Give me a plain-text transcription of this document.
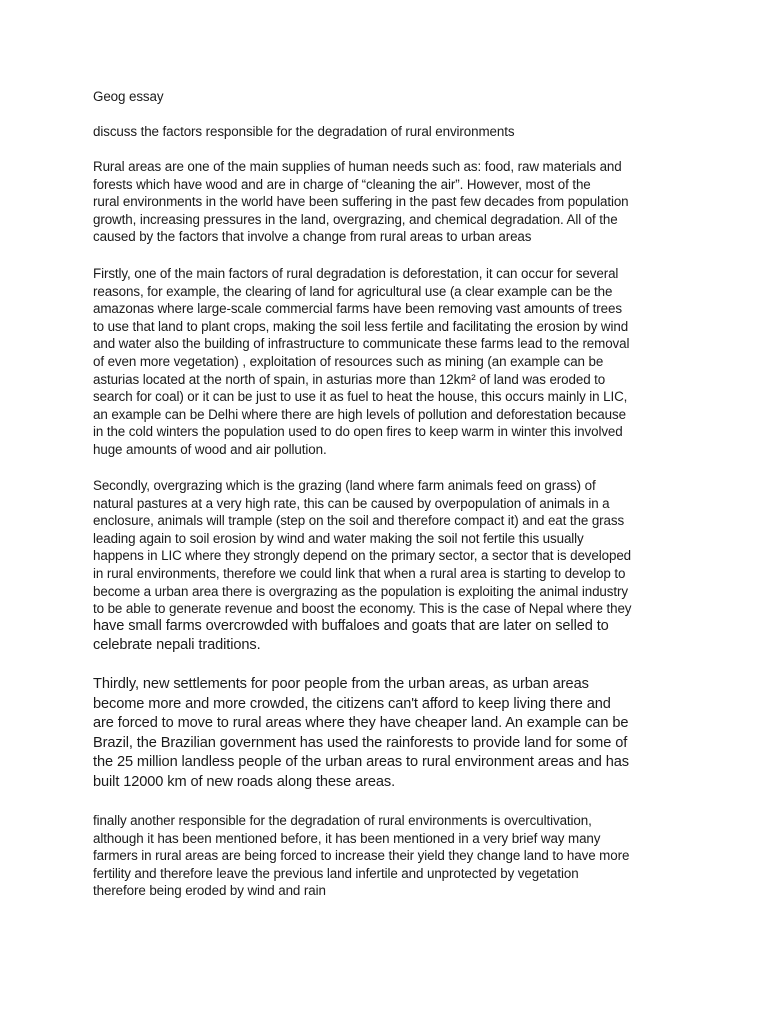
Geog essay

discuss the factors responsible for the degradation of rural environments

Rural areas are one of the main supplies of human needs such as: food, raw materials and
forests which have wood and are in charge of “cleaning the air”. However, most of the
rural environments in the world have been suffering in the past few decades from population
growth, increasing pressures in the land, overgrazing, and chemical degradation. All of the
caused by the factors that involve a change from rural areas to urban areas

Firstly, one of the main factors of rural degradation is deforestation, it can occur for several
reasons, for example, the clearing of land for agricultural use (a clear example can be the
amazonas where large-scale commercial farms have been removing vast amounts of trees
to use that land to plant crops, making the soil less fertile and facilitating the erosion by wind
and water also the building of infrastructure to communicate these farms lead to the removal
of even more vegetation) , exploitation of resources such as mining (an example can be
asturias located at the north of spain, in asturias more than 12km² of land was eroded to
search for coal) or it can be just to use it as fuel to heat the house, this occurs mainly in LIC,
an example can be Delhi where there are high levels of pollution and deforestation because
in the cold winters the population used to do open fires to keep warm in winter this involved
huge amounts of wood and air pollution.

Secondly, overgrazing which is the grazing (land where farm animals feed on grass) of
natural pastures at a very high rate, this can be caused by overpopulation of animals in a
enclosure, animals will trample (step on the soil and therefore compact it) and eat the grass
leading again to soil erosion by wind and water making the soil not fertile this usually
happens in LIC where they strongly depend on the primary sector, a sector that is developed
in rural environments, therefore we could link that when a rural area is starting to develop to
become a urban area there is overgrazing as the population is exploiting the animal industry
to be able to generate revenue and boost the economy. This is the case of Nepal where they

have small farms overcrowded with buffaloes and goats that are later on selled to
celebrate nepali traditions.

Thirdly, new settlements for poor people from the urban areas, as urban areas
become more and more crowded, the citizens can't afford to keep living there and
are forced to move to rural areas where they have cheaper land. An example can be
Brazil, the Brazilian government has used the rainforests to provide land for some of
the 25 million landless people of the urban areas to rural environment areas and has
built 12000 km of new roads along these areas.

finally another responsible for the degradation of rural environments is overcultivation,
although it has been mentioned before, it has been mentioned in a very brief way many
farmers in rural areas are being forced to increase their yield they change land to have more
fertility and therefore leave the previous land infertile and unprotected by vegetation
therefore being eroded by wind and rain
